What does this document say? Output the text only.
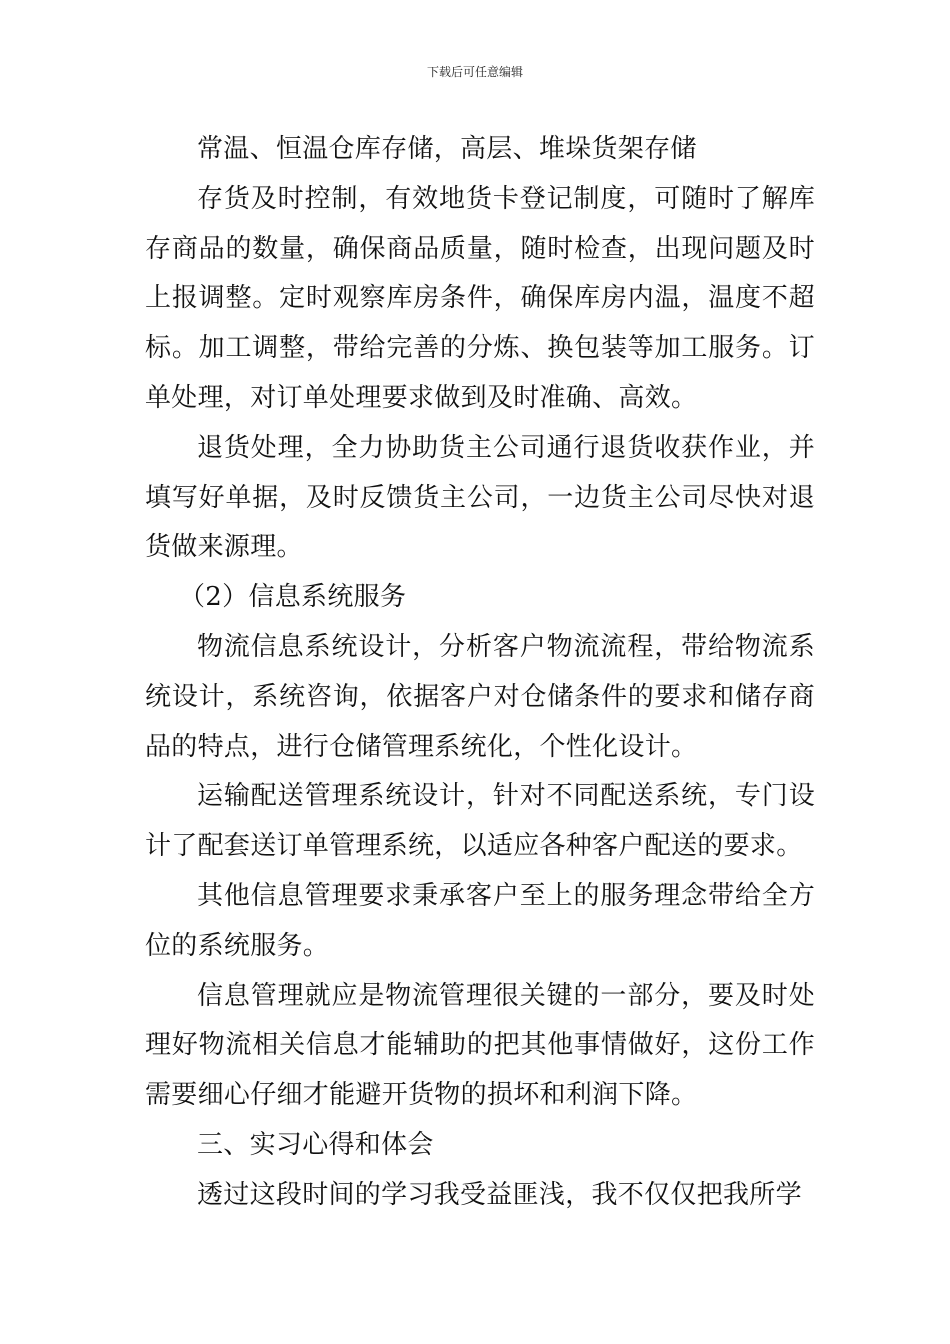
下载后可任意编辑

常温、恒温仓库存储，高层、堆垛货架存储

存货及时控制，有效地货卡登记制度，可随时了解库存商品的数量，确保商品质量，随时检查，出现问题及时上报调整。定时观察库房条件，确保库房内温，温度不超标。加工调整，带给完善的分炼、换包装等加工服务。订单处理，对订单处理要求做到及时准确、高效。

退货处理，全力协助货主公司通行退货收获作业，并填写好单据，及时反馈货主公司，一边货主公司尽快对退货做来源理。

（2）信息系统服务

物流信息系统设计，分析客户物流流程，带给物流系统设计，系统咨询，依据客户对仓储条件的要求和储存商品的特点，进行仓储管理系统化，个性化设计。

运输配送管理系统设计，针对不同配送系统，专门设计了配套送订单管理系统，以适应各种客户配送的要求。

其他信息管理要求秉承客户至上的服务理念带给全方位的系统服务。

信息管理就应是物流管理很关键的一部分，要及时处理好物流相关信息才能辅助的把其他事情做好，这份工作需要细心仔细才能避开货物的损坏和利润下降。

三、实习心得和体会

透过这段时间的学习我受益匪浅，我不仅仅把我所学
